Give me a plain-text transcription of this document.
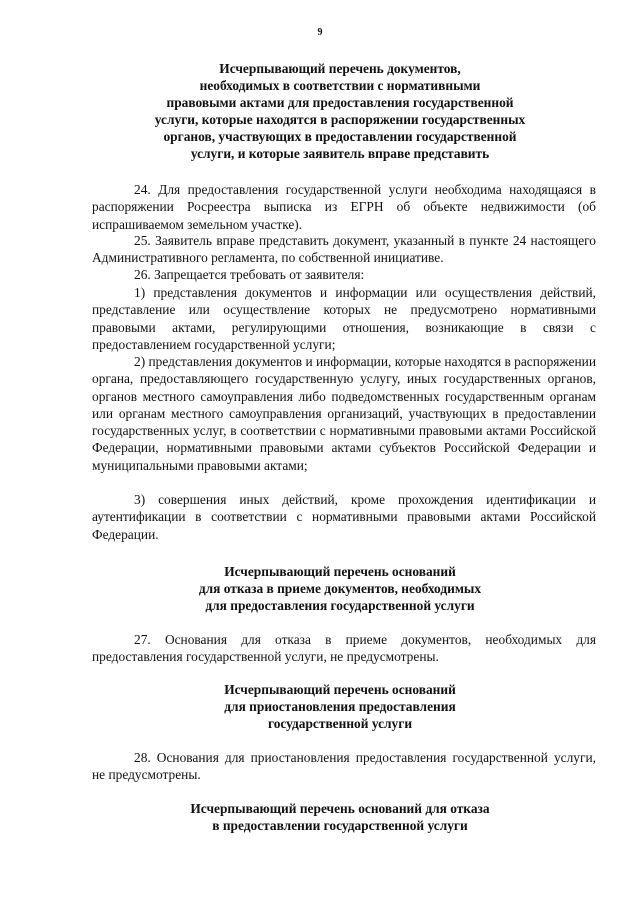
9
Исчерпывающий перечень документов,
необходимых в соответствии с нормативными
правовыми актами для предоставления государственной
услуги, которые находятся в распоряжении государственных
органов, участвующих в предоставлении государственной
услуги, и которые заявитель вправе представить

24. Для предоставления государственной услуги необходима находящаяся в распоряжении Росреестра выписка из ЕГРН об объекте недвижимости (об испрашиваемом земельном участке).

25. Заявитель вправе представить документ, указанный в пункте 24 настоящего Административного регламента, по собственной инициативе.

26. Запрещается требовать от заявителя:

1) представления документов и информации или осуществления действий, представление или осуществление которых не предусмотрено нормативными правовыми актами, регулирующими отношения, возникающие в связи с предоставлением государственной услуги;

2) представления документов и информации, которые находятся в распоряжении органа, предоставляющего государственную услугу, иных государственных органов, органов местного самоуправления либо подведомственных государственным органам или органам местного самоуправления организаций, участвующих в предоставлении государственных услуг, в соответствии с нормативными правовыми актами Российской Федерации, нормативными правовыми актами субъектов Российской Федерации и муниципальными правовыми актами;

3) совершения иных действий, кроме прохождения идентификации и аутентификации в соответствии с нормативными правовыми актами Российской Федерации.

Исчерпывающий перечень оснований
для отказа в приеме документов, необходимых
для предоставления государственной услуги

27. Основания для отказа в приеме документов, необходимых для предоставления государственной услуги, не предусмотрены.

Исчерпывающий перечень оснований
для приостановления предоставления
государственной услуги

28. Основания для приостановления предоставления государственной услуги, не предусмотрены.

Исчерпывающий перечень оснований для отказа
в предоставлении государственной услуги
